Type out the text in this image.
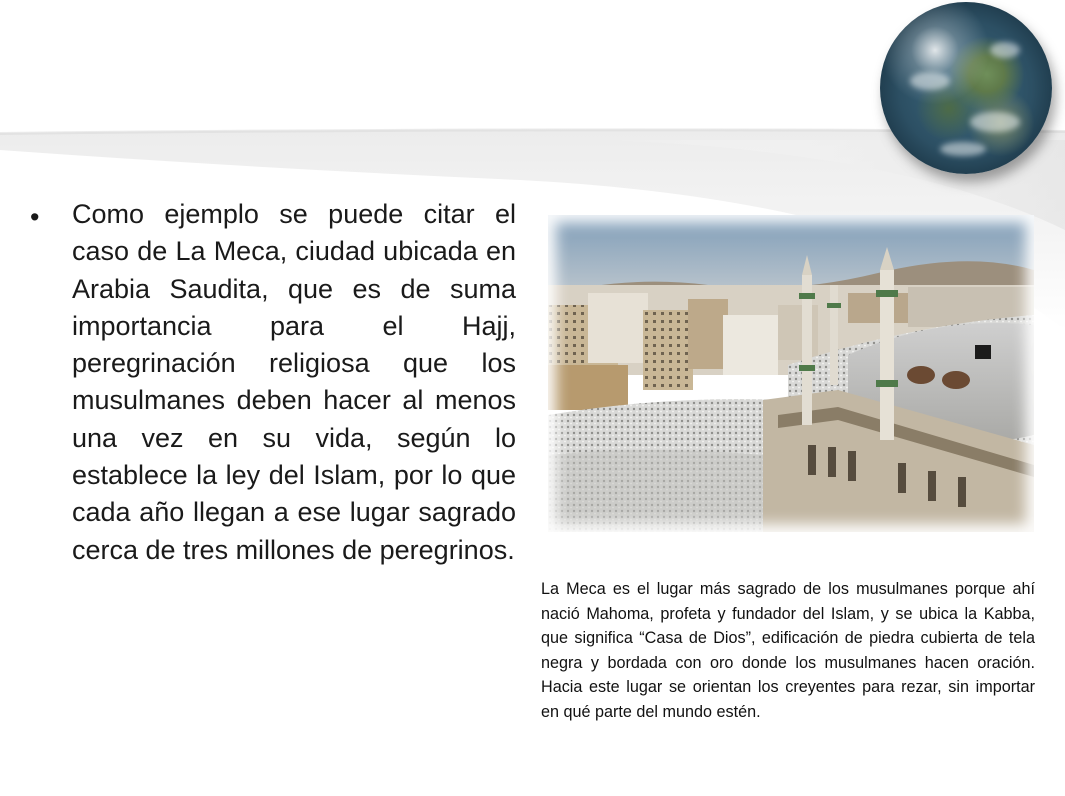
• Como ejemplo se puede citar el caso de La Meca, ciudad ubicada en Arabia Saudita, que es de suma importancia para el Hajj, peregrinación religiosa que los musulmanes deben hacer al menos una vez en su vida, según lo establece la ley del Islam, por lo que cada año llegan a ese lugar sagrado cerca de tres millones de peregrinos.

La Meca es el lugar más sagrado de los musulmanes porque ahí nació Mahoma, profeta y fundador del Islam, y se ubica la Kabba, que significa “Casa de Dios”, edificación de piedra cubierta de tela negra y bordada con oro donde los musulmanes hacen oración. Hacia este lugar se orientan los creyentes para rezar, sin importar en qué parte del mundo estén.
